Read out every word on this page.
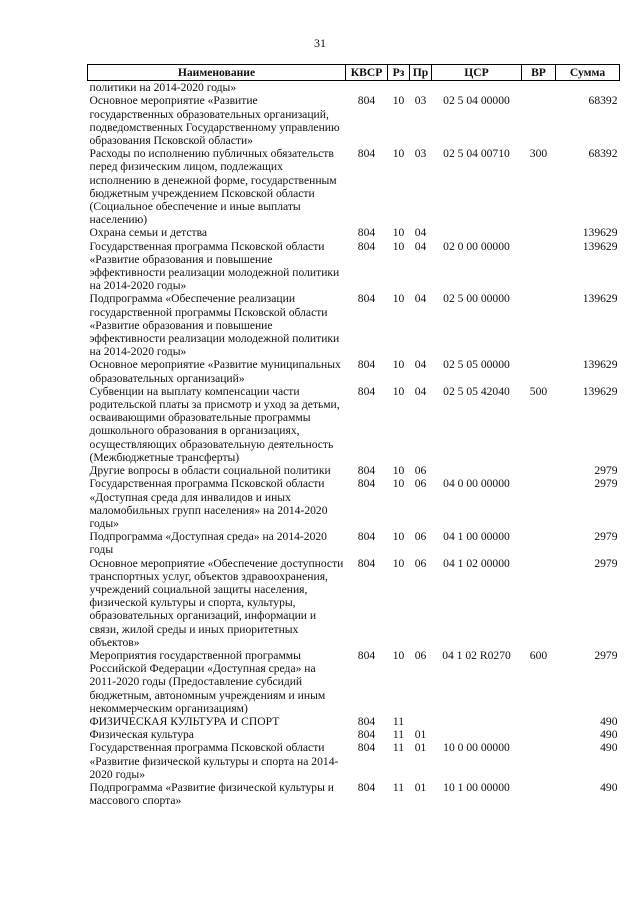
31
Наименование	КВСР	Рз	Пр	ЦСР	ВР	Сумма
политики на 2014-2020 годы»						
Основное мероприятие «Развитие государственных образовательных организаций, подведомственных Государственному управлению образования Псковской области»	804	10	03	02 5 04 00000		68392
Расходы по исполнению публичных обязательств перед физическим лицом, подлежащих исполнению в денежной форме, государственным бюджетным учреждением Псковской области (Социальное обеспечение и иные выплаты населению)	804	10	03	02 5 04 00710	300	68392
Охрана семьи и детства	804	10	04			139629
Государственная программа Псковской области «Развитие образования и повышение эффективности реализации молодежной политики на 2014-2020 годы»	804	10	04	02 0 00 00000		139629
Подпрограмма «Обеспечение реализации государственной программы Псковской области «Развитие образования и повышение эффективности реализации молодежной политики на 2014-2020 годы»	804	10	04	02 5 00 00000		139629
Основное мероприятие «Развитие муниципальных образовательных организаций»	804	10	04	02 5 05 00000		139629
Субвенции на выплату компенсации части родительской платы за присмотр и уход за детьми, осваивающими образовательные программы дошкольного образования в организациях, осуществляющих образовательную деятельность (Межбюджетные трансферты)	804	10	04	02 5 05 42040	500	139629
Другие вопросы в области социальной политики	804	10	06			2979
Государственная программа Псковской области «Доступная среда для инвалидов и иных маломобильных групп населения» на 2014-2020 годы»	804	10	06	04 0 00 00000		2979
Подпрограмма «Доступная среда» на 2014-2020 годы	804	10	06	04 1 00 00000		2979
Основное мероприятие «Обеспечение доступности транспортных услуг, объектов здравоохранения, учреждений социальной защиты населения, физической культуры и спорта, культуры, образовательных организаций, информации и связи, жилой среды и иных приоритетных объектов»	804	10	06	04 1 02 00000		2979
Мероприятия государственной программы Российской Федерации «Доступная среда» на 2011-2020 годы (Предоставление субсидий бюджетным, автономным учреждениям и иным некоммерческим организациям)	804	10	06	04 1 02 R0270	600	2979
ФИЗИЧЕСКАЯ КУЛЬТУРА И СПОРТ	804	11				490
Физическая культура	804	11	01			490
Государственная программа Псковской области «Развитие физической культуры и спорта на 2014-2020 годы»	804	11	01	10 0 00 00000		490
Подпрограмма «Развитие физической культуры и массового спорта»	804	11	01	10 1 00 00000		490
